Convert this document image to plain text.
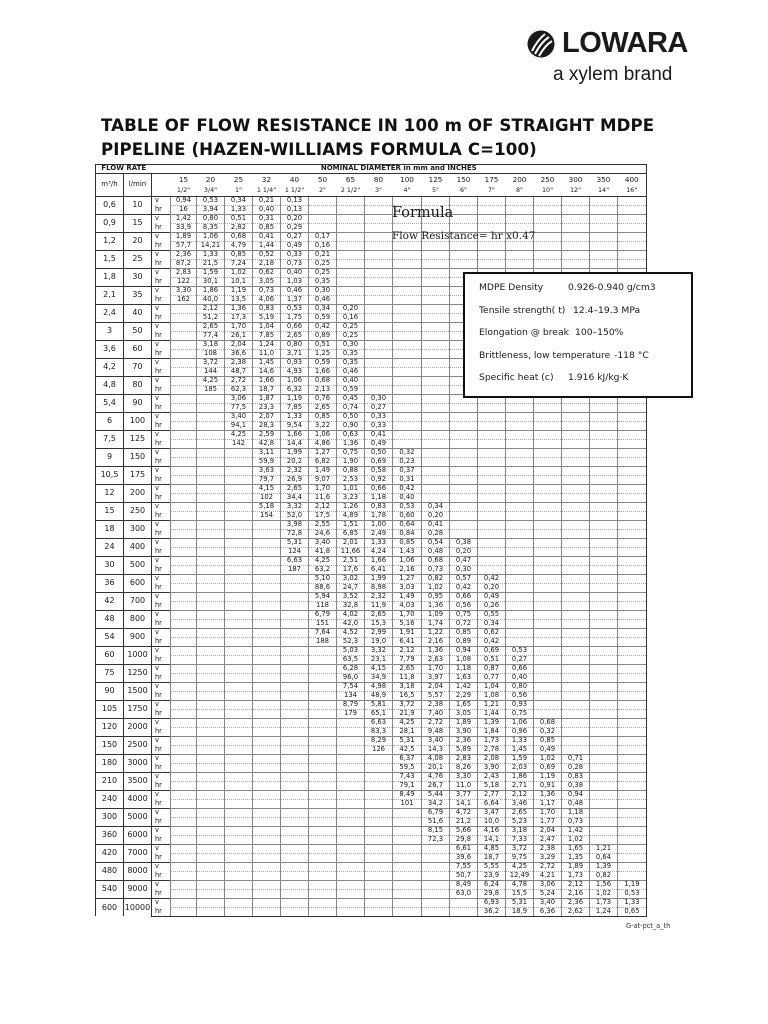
LOWARA
a xylem brand
TABLE OF FLOW RESISTANCE IN 100 m OF STRAIGHT MDPE PIPELINE (HAZEN-WILLIAMS FORMULA C=100)
FLOW RATE		NOMINAL DIAMETER in mm and INCHES																	
m³/h	l/min		15	20	25	32	40	50	65	80	100	125	150	175	200	250	300	350	400
			1/2"	3/4"	1"	1 1/4"	1 1/2"	2"	2 1/2"	3"	4"	5"	6"	7"	8"	10"	12"	14"	16"
0,6	10	v	0,94	0,53	0,34	0,21	0,13												
		hr	16	3,94	1,33	0,40	0,13												
0,9	15	v	1,42	0,80	0,51	0,31	0,20												
		hr	33,9	8,35	2,82	0,85	0,29												
1,2	20	v	1,89	1,06	0,68	0,41	0,27	0,17											
		hr	57,7	14,21	4,79	1,44	0,49	0,16											
1,5	25	v	2,36	1,33	0,85	0,52	0,33	0,21											
		hr	87,2	21,5	7,24	2,18	0,73	0,25											
1,8	30	v	2,83	1,59	1,02	0,62	0,40	0,25											
		hr	122	30,1	10,1	3,05	1,03	0,35											
2,1	35	v	3,30	1,86	1,19	0,73	0,46	0,30											
		hr	162	40,0	13,5	4,06	1,37	0,46											
2,4	40	v		2,12	1,36	0,83	0,53	0,34	0,20										
		hr		51,2	17,3	5,19	1,75	0,59	0,16										
3	50	v		2,65	1,70	1,04	0,66	0,42	0,25										
		hr		77,4	26,1	7,85	2,65	0,89	0,25										
3,6	60	v		3,18	2,04	1,24	0,80	0,51	0,30										
		hr		108	36,6	11,0	3,71	1,25	0,35										
4,2	70	v		3,72	2,38	1,45	0,93	0,59	0,35										
		hr		144	48,7	14,6	4,93	1,66	0,46										
4,8	80	v		4,25	2,72	1,66	1,06	0,68	0,40										
		hr		185	62,3	18,7	6,32	2,13	0,59										
5,4	90	v			3,06	1,87	1,19	0,76	0,45	0,30									
		hr			77,5	23,3	7,85	2,65	0,74	0,27									
6	100	v			3,40	2,07	1,33	0,85	0,50	0,33									
		hr			94,1	28,3	9,54	3,22	0,90	0,33									
7,5	125	v			4,25	2,59	1,66	1,06	0,63	0,41									
		hr			142	42,8	14,4	4,86	1,36	0,49									
9	150	v				3,11	1,99	1,27	0,75	0,50	0,32								
		hr				59,9	20,2	6,82	1,90	0,69	0,23								
10,5	175	v				3,63	2,32	1,49	0,88	0,58	0,37								
		hr				79,7	26,9	9,07	2,53	0,92	0,31								
12	200	v				4,15	2,65	1,70	1,01	0,66	0,42								
		hr				102	34,4	11,6	3,23	1,18	0,40								
15	250	v				5,18	3,32	2,12	1,26	0,83	0,53	0,34							
		hr				154	52,0	17,5	4,89	1,78	0,60	0,20							
18	300	v					3,98	2,55	1,51	1,00	0,64	0,41							
		hr					72,8	24,6	6,85	2,49	0,84	0,28							
24	400	v					5,31	3,40	2,01	1,33	0,85	0,54	0,38						
		hr					124	41,8	11,66	4,24	1,43	0,48	0,20						
30	500	v					6,63	4,25	2,51	1,66	1,06	0,68	0,47						
		hr					187	63,2	17,6	6,41	2,16	0,73	0,30						
36	600	v						5,10	3,02	1,99	1,27	0,82	0,57	0,42					
		hr						88,6	24,7	8,98	3,03	1,02	0,42	0,20					
42	700	v						5,94	3,52	2,32	1,49	0,95	0,66	0,49					
		hr						118	32,8	11,9	4,03	1,36	0,56	0,26					
48	800	v						6,79	4,02	2,65	1,70	1,09	0,75	0,55					
		hr						151	42,0	15,3	5,16	1,74	0,72	0,34					
54	900	v						7,64	4,52	2,99	1,91	1,22	0,85	0,62					
		hr						188	52,3	19,0	6,41	2,16	0,89	0,42					
60	1000	v							5,03	3,32	2,12	1,36	0,94	0,69	0,53				
		hr							63,5	23,1	7,79	2,63	1,08	0,51	0,27				
75	1250	v							6,28	4,15	2,65	1,70	1,18	0,87	0,66				
		hr							96,0	34,9	11,8	3,97	1,63	0,77	0,40				
90	1500	v							7,54	4,98	3,18	2,04	1,42	1,04	0,80				
		hr							134	48,9	16,5	5,57	2,29	1,08	0,56				
105	1750	v							8,79	5,81	3,72	2,38	1,65	1,21	0,93				
		hr							179	65,1	21,9	7,40	3,05	1,44	0,75				
120	2000	v								6,63	4,25	2,72	1,89	1,39	1,06	0,68			
		hr								83,3	28,1	9,48	3,90	1,84	0,96	0,32			
150	2500	v								8,29	5,31	3,40	2,36	1,73	1,33	0,85			
		hr								126	42,5	14,3	5,89	2,78	1,45	0,49			
180	3000	v									6,37	4,08	2,83	2,08	1,59	1,02	0,71		
		hr									59,5	20,1	8,26	3,90	2,03	0,69	0,28		
210	3500	v									7,43	4,76	3,30	2,43	1,86	1,19	0,83		
		hr									79,1	26,7	11,0	5,18	2,71	0,91	0,38		
240	4000	v									8,49	5,44	3,77	2,77	2,12	1,36	0,94		
		hr									101	34,2	14,1	6,64	3,46	1,17	0,48		
300	5000	v										6,79	4,72	3,47	2,65	1,70	1,18		
		hr										51,6	21,2	10,0	5,23	1,77	0,73		
360	6000	v										8,15	5,66	4,16	3,18	2,04	1,42		
		hr										72,3	29,8	14,1	7,33	2,47	1,02		
420	7000	v											6,61	4,85	3,72	2,38	1,65	1,21	
		hr											39,6	18,7	9,75	3,29	1,35	0,64	
480	8000	v											7,55	5,55	4,25	2,72	1,89	1,39	
		hr											50,7	23,9	12,49	4,21	1,73	0,82	
540	9000	v											8,49	6,24	4,78	3,06	2,12	1,56	1,19
		hr											63,0	29,8	15,5	5,24	2,16	1,02	0,53
600	10000	v												6,93	5,31	3,40	2,36	1,73	1,33
		hr												36,2	18,9	6,36	2,62	1,24	0,65
Formula
Flow Resistance= hr x0.47
MDPE Density	0.926-0.940 g/cm3
Tensile strength( t) 12.4–19.3 MPa
Elongation @ break 100–150%
Brittleness, low temperature -118 °C
Specific heat (c) 1.916 kJ/kg·K
G-at-pct_a_th
